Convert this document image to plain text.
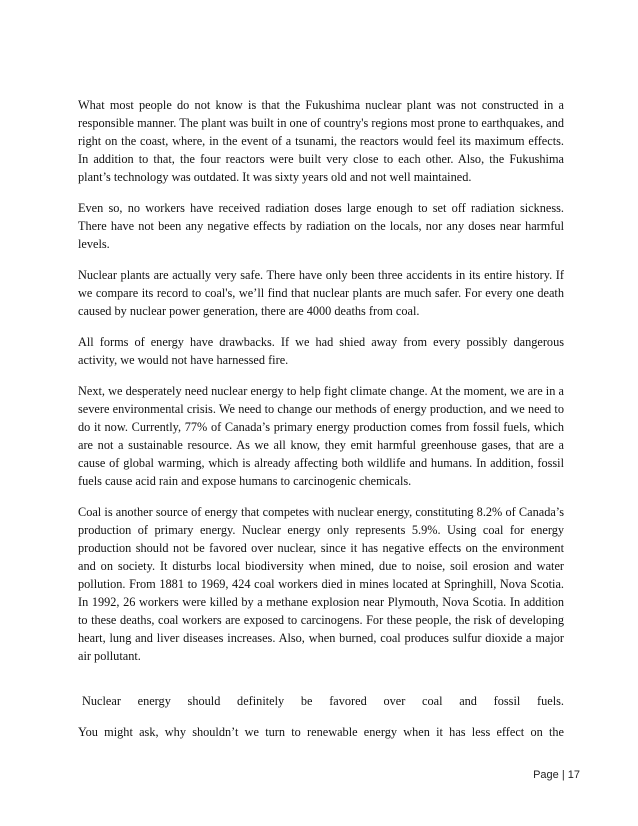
What most people do not know is that the Fukushima nuclear plant was not constructed in a responsible manner. The plant was built in one of country's regions most prone to earthquakes, and right on the coast, where, in the event of a tsunami, the reactors would feel its maximum effects. In addition to that, the four reactors were built very close to each other. Also, the Fukushima plant’s technology was outdated. It was sixty years old and not well maintained.

Even so, no workers have received radiation doses large enough to set off radiation sickness. There have not been any negative effects by radiation on the locals, nor any doses near harmful levels.

Nuclear plants are actually very safe. There have only been three accidents in its entire history. If we compare its record to coal's, we’ll find that nuclear plants are much safer. For every one death caused by nuclear power generation, there are 4000 deaths from coal.

All forms of energy have drawbacks. If we had shied away from every possibly dangerous activity, we would not have harnessed fire.

Next, we desperately need nuclear energy to help fight climate change. At the moment, we are in a severe environmental crisis. We need to change our methods of energy production, and we need to do it now. Currently, 77% of Canada’s primary energy production comes from fossil fuels, which are not a sustainable resource. As we all know, they emit harmful greenhouse gases, that are a cause of global warming, which is already affecting both wildlife and humans. In addition, fossil fuels cause acid rain and expose humans to carcinogenic chemicals.

Coal is another source of energy that competes with nuclear energy, constituting 8.2% of Canada’s production of primary energy. Nuclear energy only represents 5.9%. Using coal for energy production should not be favored over nuclear, since it has negative effects on the environment and on society. It disturbs local biodiversity when mined, due to noise, soil erosion and water pollution. From 1881 to 1969, 424 coal workers died in mines located at Springhill, Nova Scotia. In 1992, 26 workers were killed by a methane explosion near Plymouth, Nova Scotia. In addition to these deaths, coal workers are exposed to carcinogens. For these people, the risk of developing heart, lung and liver diseases increases. Also, when burned, coal produces sulfur dioxide a major air pollutant.

Nuclear energy should definitely be favored over coal and fossil fuels.

You might ask, why shouldn’t we turn to renewable energy when it has less effect on the

Page | 17
